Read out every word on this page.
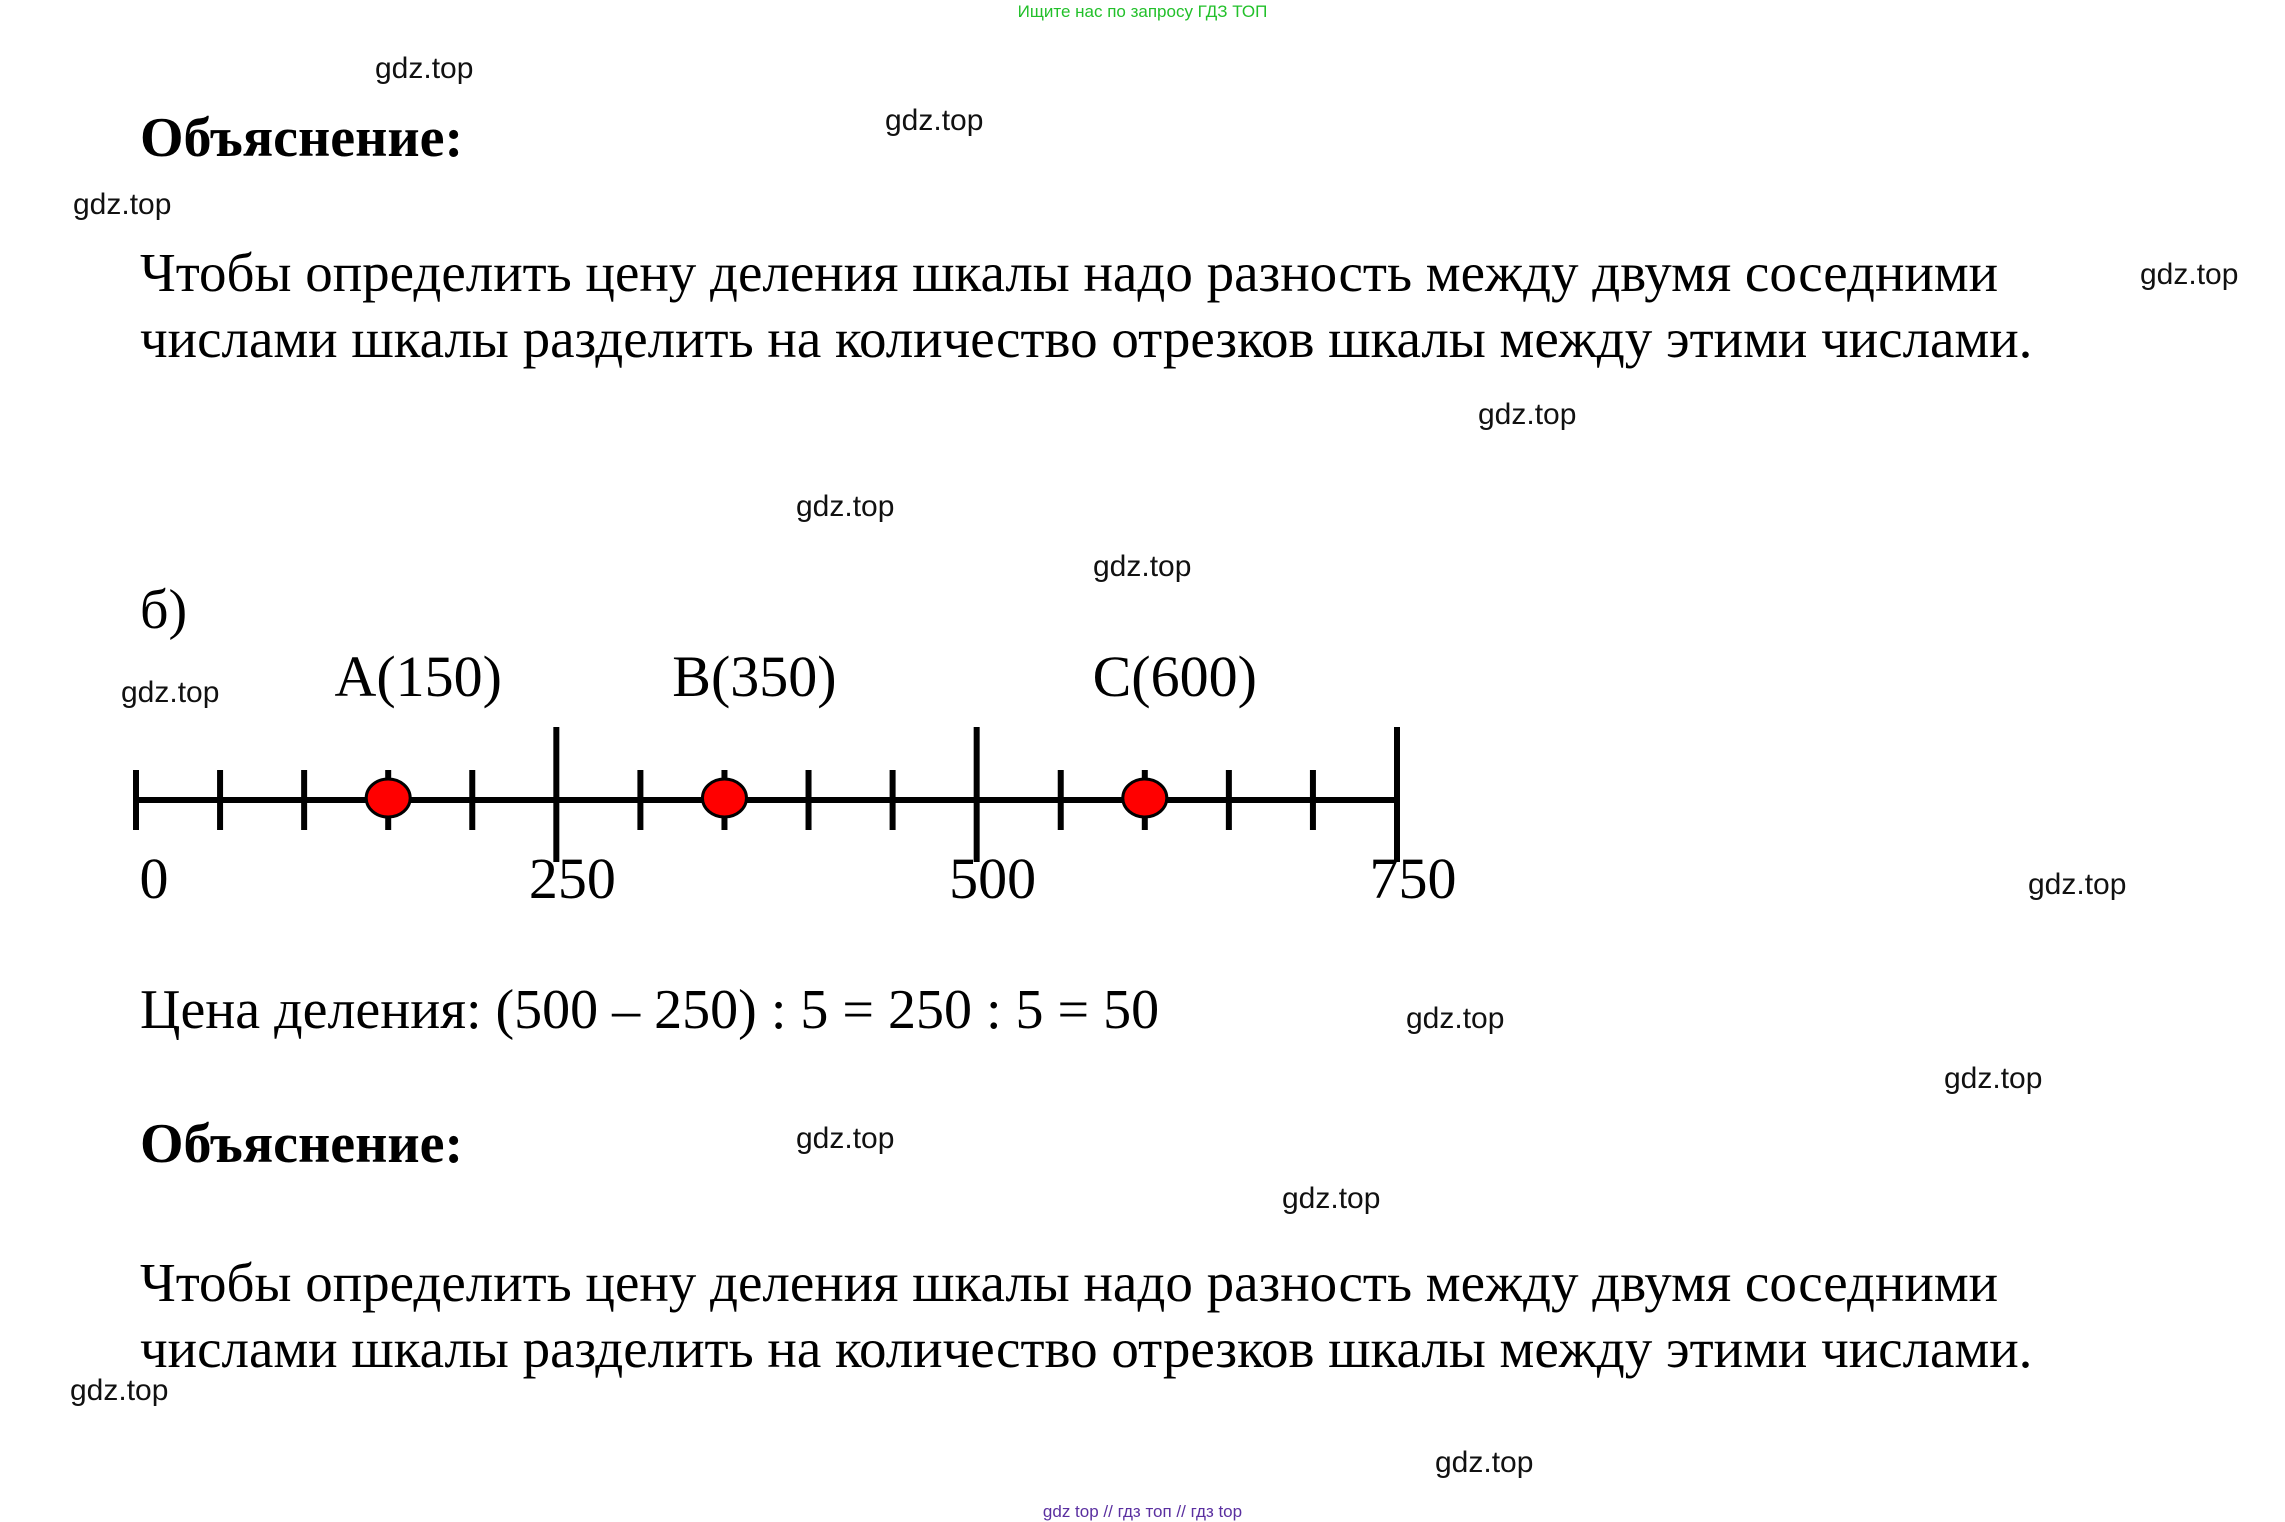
Ищите нас по запросу ГДЗ ТОП
gdz.top
gdz.top
gdz.top
gdz.top
gdz.top
gdz.top
gdz.top
gdz.top
gdz.top
gdz.top
gdz.top
gdz.top
gdz.top
gdz.top
gdz.top
Объяснение:
Чтобы определить цену деления шкалы надо разность между двумя соседними
числами шкалы разделить на количество отрезков шкалы между этими числами.
б)
0	250	500	750
A(150)	B(350)	C(600)
Цена деления: (500 – 250) : 5 = 250 : 5 = 50
Объяснение:
Чтобы определить цену деления шкалы надо разность между двумя соседними
числами шкалы разделить на количество отрезков шкалы между этими числами.
gdz top // гдз топ // гдз top
